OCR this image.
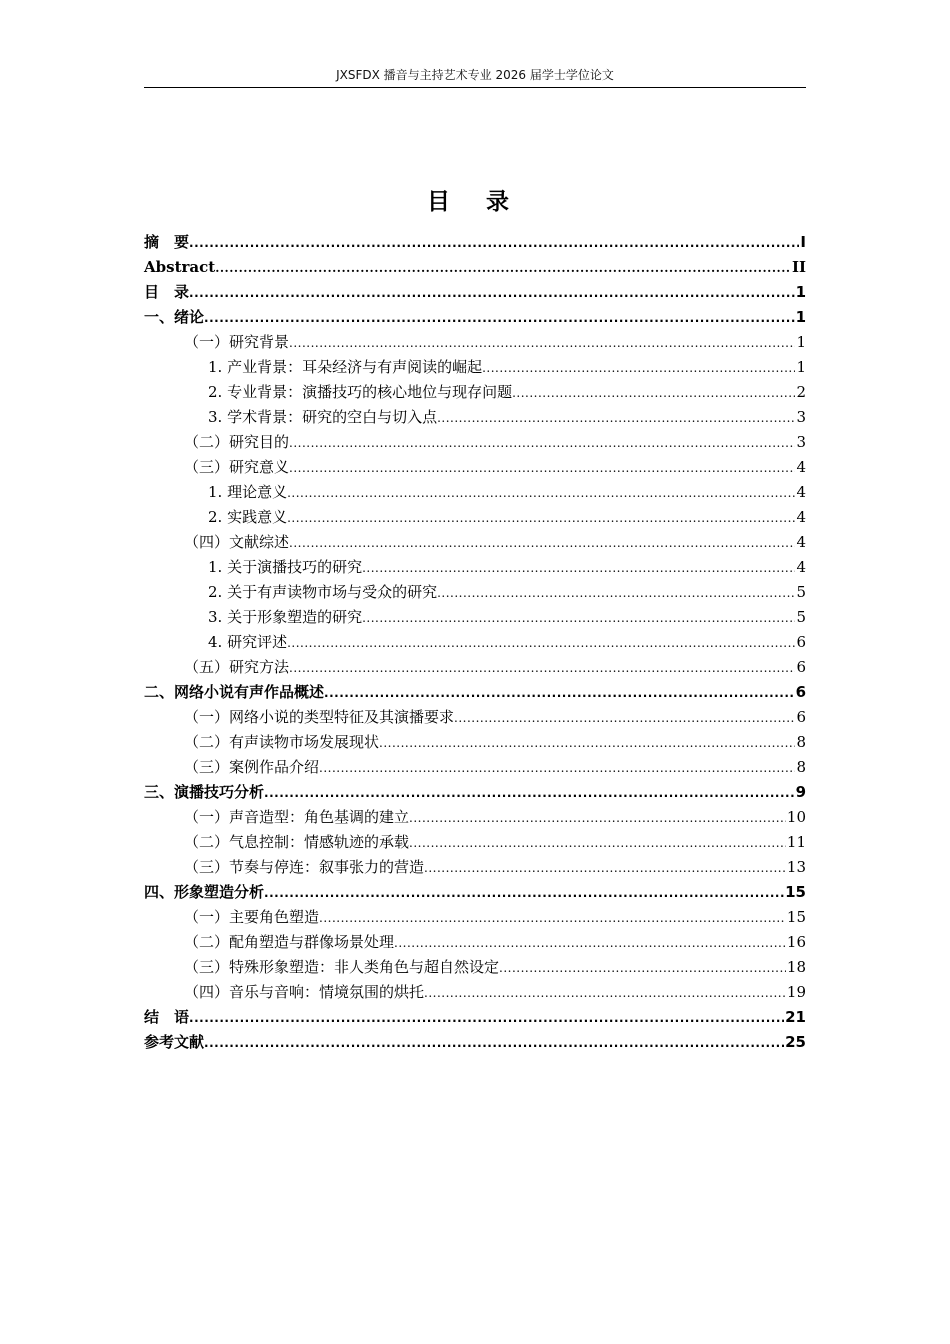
JXSFDX 播音与主持艺术专业 2026 届学士学位论文
目 录
摘　要 .....	I
Abstract .....	II
目　录 .....	1
一、绪论 .....	1
（一）研究背景 .....	1
1. 产业背景：耳朵经济与有声阅读的崛起 .....	1
2. 专业背景：演播技巧的核心地位与现存问题 .....	2
3. 学术背景：研究的空白与切入点 .....	3
（二）研究目的 .....	3
（三）研究意义 .....	4
1. 理论意义 .....	4
2. 实践意义 .....	4
（四）文献综述 .....	4
1. 关于演播技巧的研究 .....	4
2. 关于有声读物市场与受众的研究 .....	5
3. 关于形象塑造的研究 .....	5
4. 研究评述 .....	6
（五）研究方法 .....	6
二、网络小说有声作品概述 .....	6
（一）网络小说的类型特征及其演播要求 .....	6
（二）有声读物市场发展现状 .....	8
（三）案例作品介绍 .....	8
三、演播技巧分析 .....	9
（一）声音造型：角色基调的建立 .....	10
（二）气息控制：情感轨迹的承载 .....	11
（三）节奏与停连：叙事张力的营造 .....	13
四、形象塑造分析 .....	15
（一）主要角色塑造 .....	15
（二）配角塑造与群像场景处理 .....	16
（三）特殊形象塑造：非人类角色与超自然设定 .....	18
（四）音乐与音响：情境氛围的烘托 .....	19
结　语 .....	21
参考文献 .....	25
